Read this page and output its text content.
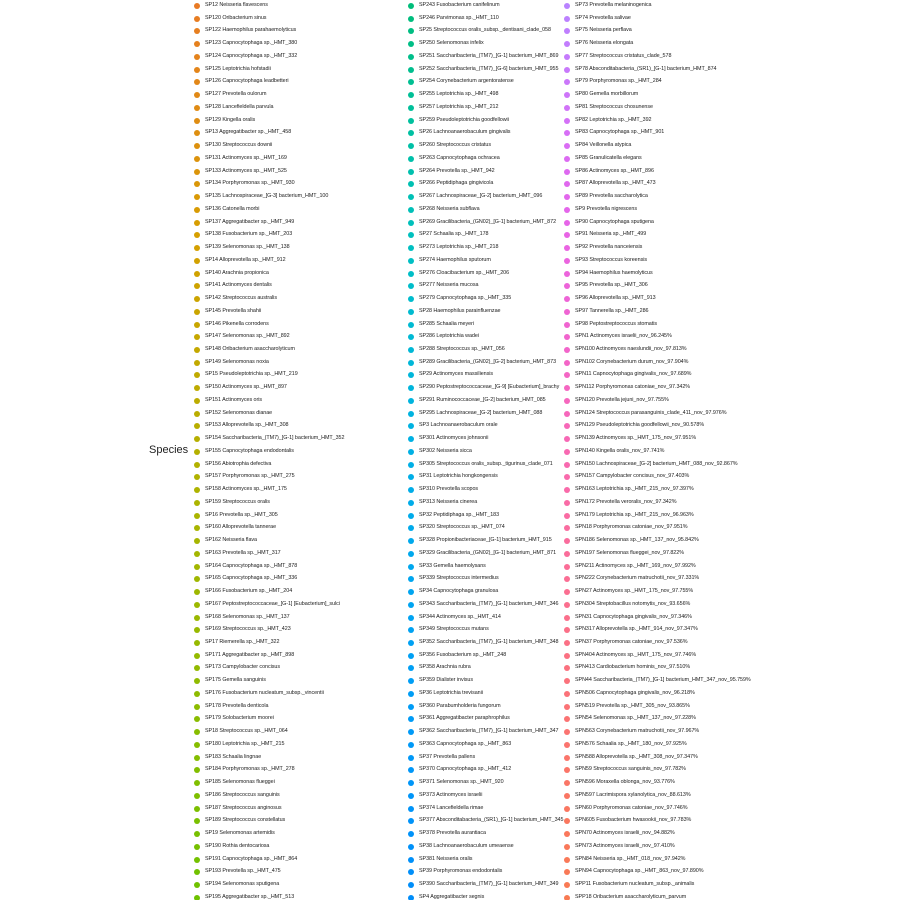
Species
SP12 Neisseria flavescens
SP120 Oribacterium sinus
SP122 Haemophilus parahaemolyticus
SP123 Capnocytophaga sp._HMT_380
SP124 Capnocytophaga sp._HMT_332
SP125 Leptotrichia hofstadii
SP126 Capnocytophaga leadbetteri
SP127 Prevotella oulorum
SP128 Lancefieldella parvula
SP129 Kingella oralis
SP13 Aggregatibacter sp._HMT_458
SP130 Streptococcus downii
SP131 Actinomyces sp._HMT_169
SP133 Actinomyces sp._HMT_525
SP134 Porphyromonas sp._HMT_930
SP135 Lachnospiraceae_[G-3] bacterium_HMT_100
SP136 Catonella morbi
SP137 Aggregatibacter sp._HMT_949
SP138 Fusobacterium sp._HMT_203
SP139 Selenomonas sp._HMT_138
SP14 Alloprevotella sp._HMT_912
SP140 Arachnia propionica
SP141 Actinomyces dentalis
SP142 Streptococcus australis
SP145 Prevotella shahii
SP146 Pikenella corrodens
SP147 Selenomonas sp._HMT_892
SP148 Oribacterium asaccharolyticum
SP149 Selenomonas noxia
SP15 Pseudoleptotrichia sp._HMT_219
SP150 Actinomyces sp._HMT_897
SP151 Actinomyces oris
SP152 Selenomonas dianae
SP153 Alloprevotella sp._HMT_308
SP154 Saccharibacteria_(TM7)_[G-1] bacterium_HMT_352
SP155 Capnocytophaga endodontalis
SP156 Abiotrophia defectiva
SP157 Porphyromonas sp._HMT_275
SP158 Actinomyces sp._HMT_175
SP159 Streptococcus oralis
SP16 Prevotella sp._HMT_305
SP160 Alloprevotella tannerae
SP162 Neisseria flava
SP163 Prevotella sp._HMT_317
SP164 Capnocytophaga sp._HMT_878
SP165 Capnocytophaga sp._HMT_336
SP166 Fusobacterium sp._HMT_204
SP167 Peptostreptococcaceae_[G-1] [Eubacterium]_sulci
SP168 Selenomonas sp._HMT_137
SP169 Streptococcus sp._HMT_423
SP17 Riemerella sp._HMT_322
SP171 Aggregatibacter sp._HMT_898
SP173 Campylobacter concisus
SP175 Gemella sanguinis
SP176 Fusobacterium nucleatum_subsp._vincentii
SP178 Prevotella denticola
SP179 Solobacterium moorei
SP18 Streptococcus sp._HMT_064
SP180 Leptotrichia sp._HMT_215
SP183 Schaalia lingnae
SP184 Porphyromonas sp._HMT_278
SP185 Selenomonas flueggei
SP186 Streptococcus sanguinis
SP187 Streptococcus anginosus
SP189 Streptococcus constellatus
SP19 Selenomonas artemidis
SP190 Rothia dentocariosa
SP191 Capnocytophaga sp._HMT_864
SP193 Prevotella sp._HMT_475
SP194 Selenomonas sputigena
SP195 Aggregatibacter sp._HMT_513
SP243 Fusobacterium canifelinum
SP246 Parvimonas sp._HMT_110
SP25 Streptococcus oralis_subsp._dentisani_clade_058
SP250 Selenomonas infelix
SP251 Saccharibacteria_(TM7)_[G-1] bacterium_HMT_869
SP252 Saccharibacteria_(TM7)_[G-6] bacterium_HMT_955
SP254 Corynebacterium argentoratense
SP255 Leptotrichia sp._HMT_498
SP257 Leptotrichia sp._HMT_212
SP259 Pseudoleptotrichia goodfellowii
SP26 Lachnoanaerobaculum gingivalis
SP260 Streptococcus cristatus
SP263 Capnocytophaga ochracea
SP264 Prevotella sp._HMT_942
SP266 Peptidiphaga gingivicola
SP267 Lachnospiraceae_[G-2] bacterium_HMT_096
SP268 Neisseria subflava
SP269 Gracilibacteria_(GN02)_[G-1] bacterium_HMT_872
SP27 Schaalia sp._HMT_178
SP273 Leptotrichia sp._HMT_218
SP274 Haemophilus sputorum
SP276 Cloacibacterium sp._HMT_206
SP277 Neisseria mucosa
SP279 Capnocytophaga sp._HMT_335
SP28 Haemophilus parainfluenzae
SP285 Schaalia meyeri
SP286 Leptotrichia wadei
SP288 Streptococcus sp._HMT_056
SP289 Gracilibacteria_(GN02)_[G-2] bacterium_HMT_873
SP29 Actinomyces massiliensis
SP290 Peptostreptococcaceae_[G-9] [Eubacterium]_brachy
SP291 Ruminococcaceae_[G-2] bacterium_HMT_085
SP295 Lachnospiraceae_[G-2] bacterium_HMT_088
SP3 Lachnoanaerobaculum orale
SP301 Actinomyces johnsonii
SP302 Neisseria sicca
SP305 Streptococcus oralis_subsp._tigurinus_clade_071
SP31 Leptotrichia hongkongensis
SP310 Prevotella scopos
SP313 Neisseria cinerea
SP32 Peptidiphaga sp._HMT_183
SP320 Streptococcus sp._HMT_074
SP328 Propionibacteriaceae_[G-1] bacterium_HMT_915
SP329 Gracilibacteria_(GN02)_[G-1] bacterium_HMT_871
SP33 Gemella haemolysans
SP339 Streptococcus intermedius
SP34 Capnocytophaga granulosa
SP343 Saccharibacteria_(TM7)_[G-1] bacterium_HMT_346
SP344 Actinomyces sp._HMT_414
SP349 Streptococcus mutans
SP352 Saccharibacteria_(TM7)_[G-1] bacterium_HMT_348
SP356 Fusobacterium sp._HMT_248
SP358 Arachnia rubra
SP359 Dialister invisus
SP36 Leptotrichia trevisanii
SP360 Parabumholderia fungorum
SP361 Aggregatibacter paraphrophilus
SP362 Saccharibacteria_(TM7)_[G-1] bacterium_HMT_347
SP363 Capnocytophaga sp._HMT_863
SP37 Prevotella pallens
SP370 Capnocytophaga sp._HMT_412
SP371 Selenomonas sp._HMT_920
SP373 Actinomyces israelii
SP374 Lancefieldella rimae
SP377 Absconditabacteria_(SR1)_[G-1] bacterium_HMT_345
SP378 Prevotella aurantiaca
SP38 Lachnoanaerobaculum umeaense
SP381 Neisseria oralis
SP39 Porphyromonas endodontalis
SP390 Saccharibacteria_(TM7)_[G-1] bacterium_HMT_349
SP4 Aggregatibacter segnis
SP73 Prevotella melaninogenica
SP74 Prevotella salivae
SP75 Neisseria perflava
SP76 Neisseria elongata
SP77 Streptococcus cristatus_clade_578
SP78 Absconditabacteria_(SR1)_[G-1] bacterium_HMT_874
SP79 Porphyromonas sp._HMT_284
SP80 Gemella morbillorum
SP81 Streptococcus chosunense
SP82 Leptotrichia sp._HMT_392
SP83 Capnocytophaga sp._HMT_901
SP84 Veillonella atypica
SP85 Granulicatella elegans
SP86 Actinomyces sp._HMT_896
SP87 Alloprevotella sp._HMT_473
SP89 Prevotella saccharolytica
SP9 Prevotella nigrescens
SP90 Capnocytophaga sputigena
SP91 Neisseria sp._HMT_499
SP92 Prevotella nanceiensis
SP93 Streptococcus koreensis
SP94 Haemophilus haemolyticus
SP95 Prevotella sp._HMT_306
SP96 Alloprevotella sp._HMT_913
SP97 Tannerella sp._HMT_286
SP98 Peptostreptococcus stomatis
SPN1 Actinomyces israelii_nov_96.245%
SPN100 Actinomyces naeslundii_nov_97.813%
SPN102 Corynebacterium durum_nov_97.904%
SPN11 Capnocytophaga gingivalis_nov_97.689%
SPN112 Porphyromonas catoniae_nov_97.342%
SPN120 Prevotella jejuni_nov_97.755%
SPN124 Streptococcus parasanguinis_clade_411_nov_97.976%
SPN129 Pseudoleptotrichia goodfellowii_nov_90.578%
SPN139 Actinomyces sp._HMT_175_nov_97.951%
SPN140 Kingella oralis_nov_97.741%
SPN150 Lachnospiraceae_[G-2] bacterium_HMT_088_nov_92.867%
SPN157 Campylobacter concisus_nov_97.403%
SPN163 Leptotrichia sp._HMT_215_nov_97.397%
SPN172 Prevotella veroralis_nov_97.342%
SPN179 Leptotrichia sp._HMT_215_nov_96.963%
SPN18 Porphyromonas catoniae_nov_97.951%
SPN186 Selenomonas sp._HMT_137_nov_95.842%
SPN197 Selenomonas flueggei_nov_97.822%
SPN211 Actinomyces sp._HMT_169_nov_97.992%
SPN222 Corynebacterium matruchotii_nov_97.331%
SPN27 Actinomyces sp._HMT_175_nov_97.755%
SPN304 Streptobacillus notomytis_nov_93.656%
SPN31 Capnocytophaga gingivalis_nov_97.346%
SPN317 Alloprevotella sp._HMT_914_nov_97.347%
SPN37 Porphyromonas catoniae_nov_97.536%
SPN404 Actinomyces sp._HMT_175_nov_97.746%
SPN413 Cardiobacterium hominis_nov_97.510%
SPN44 Saccharibacteria_(TM7)_[G-1] bacterium_HMT_347_nov_95.759%
SPN506 Capnocytophaga gingivalis_nov_96.218%
SPN519 Prevotella sp._HMT_305_nov_93.865%
SPN54 Selenomonas sp._HMT_137_nov_97.228%
SPN563 Corynebacterium matruchotii_nov_97.967%
SPN576 Schaalia sp._HMT_180_nov_97.925%
SPN588 Alloprevotella sp._HMT_308_nov_97.347%
SPN59 Streptococcus sanguinis_nov_97.782%
SPN596 Moraxella oblonga_nov_93.776%
SPN597 Lacrimispora xylanolytica_nov_88.613%
SPN60 Porphyromonas catoniae_nov_97.746%
SPN605 Fusobacterium hwasookii_nov_97.783%
SPN70 Actinomyces israelii_nov_94.882%
SPN73 Actinomyces israelii_nov_97.410%
SPN84 Neisseria sp._HMT_018_nov_97.942%
SPN94 Capnocytophaga sp._HMT_863_nov_97.890%
SPP11 Fusobacterium nucleatum_subsp._animalis
SPP18 Oribacterium asaccharolyticum_parvum
